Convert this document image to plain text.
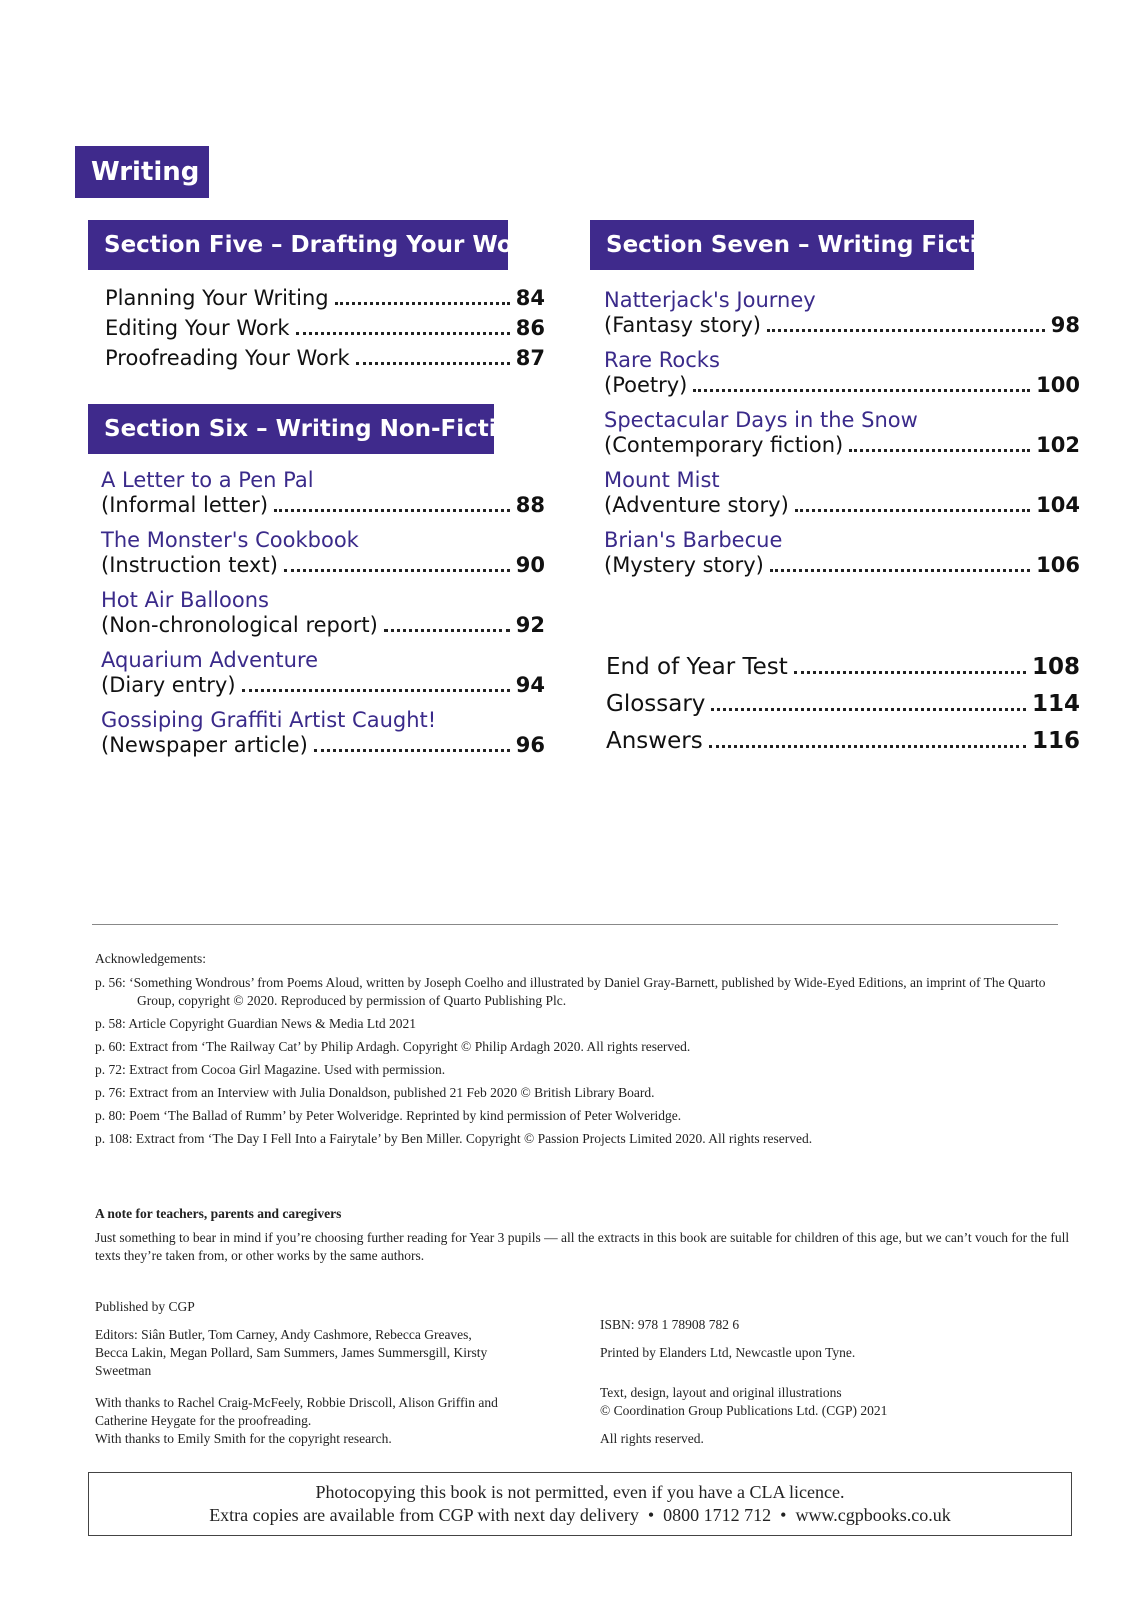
Writing
Section Five – Drafting Your Work
Planning Your Writing	84
Editing Your Work	86
Proofreading Your Work	87
Section Six – Writing Non-Fiction
A Letter to a Pen Pal
(Informal letter)	88
The Monster's Cookbook
(Instruction text)	90
Hot Air Balloons
(Non-chronological report)	92
Aquarium Adventure
(Diary entry)	94
Gossiping Graffiti Artist Caught!
(Newspaper article)	96
Section Seven – Writing Fiction
Natterjack's Journey
(Fantasy story)	98
Rare Rocks
(Poetry)	100
Spectacular Days in the Snow
(Contemporary fiction)	102
Mount Mist
(Adventure story)	104
Brian's Barbecue
(Mystery story)	106
End of Year Test	108
Glossary	114
Answers	116
Acknowledgements:

p. 56: ‘Something Wondrous’ from Poems Aloud, written by Joseph Coelho and illustrated by Daniel Gray-Barnett, published by Wide-Eyed Editions, an imprint of The Quarto Group, copyright © 2020. Reproduced by permission of Quarto Publishing Plc.

p. 58: Article Copyright Guardian News & Media Ltd 2021

p. 60: Extract from ‘The Railway Cat’ by Philip Ardagh. Copyright © Philip Ardagh 2020. All rights reserved.

p. 72: Extract from Cocoa Girl Magazine. Used with permission.

p. 76: Extract from an Interview with Julia Donaldson, published 21 Feb 2020 © British Library Board.

p. 80: Poem ‘The Ballad of Rumm’ by Peter Wolveridge. Reprinted by kind permission of Peter Wolveridge.

p. 108: Extract from ‘The Day I Fell Into a Fairytale’ by Ben Miller. Copyright © Passion Projects Limited 2020. All rights reserved.

A note for teachers, parents and caregivers

Just something to bear in mind if you’re choosing further reading for Year 3 pupils — all the extracts in this book are suitable for children of this age, but we can’t vouch for the full texts they’re taken from, or other works by the same authors.

Published by CGP

Editors: Siân Butler, Tom Carney, Andy Cashmore, Rebecca Greaves, Becca Lakin, Megan Pollard, Sam Summers, James Summersgill, Kirsty Sweetman

With thanks to Rachel Craig-McFeely, Robbie Driscoll, Alison Griffin and Catherine Heygate for the proofreading.

With thanks to Emily Smith for the copyright research.

ISBN: 978 1 78908 782 6

Printed by Elanders Ltd, Newcastle upon Tyne.

Text, design, layout and original illustrations

© Coordination Group Publications Ltd. (CGP) 2021

All rights reserved.

Photocopying this book is not permitted, even if you have a CLA licence.
Extra copies are available from CGP with next day delivery  •  0800 1712 712  •  www.cgpbooks.co.uk
